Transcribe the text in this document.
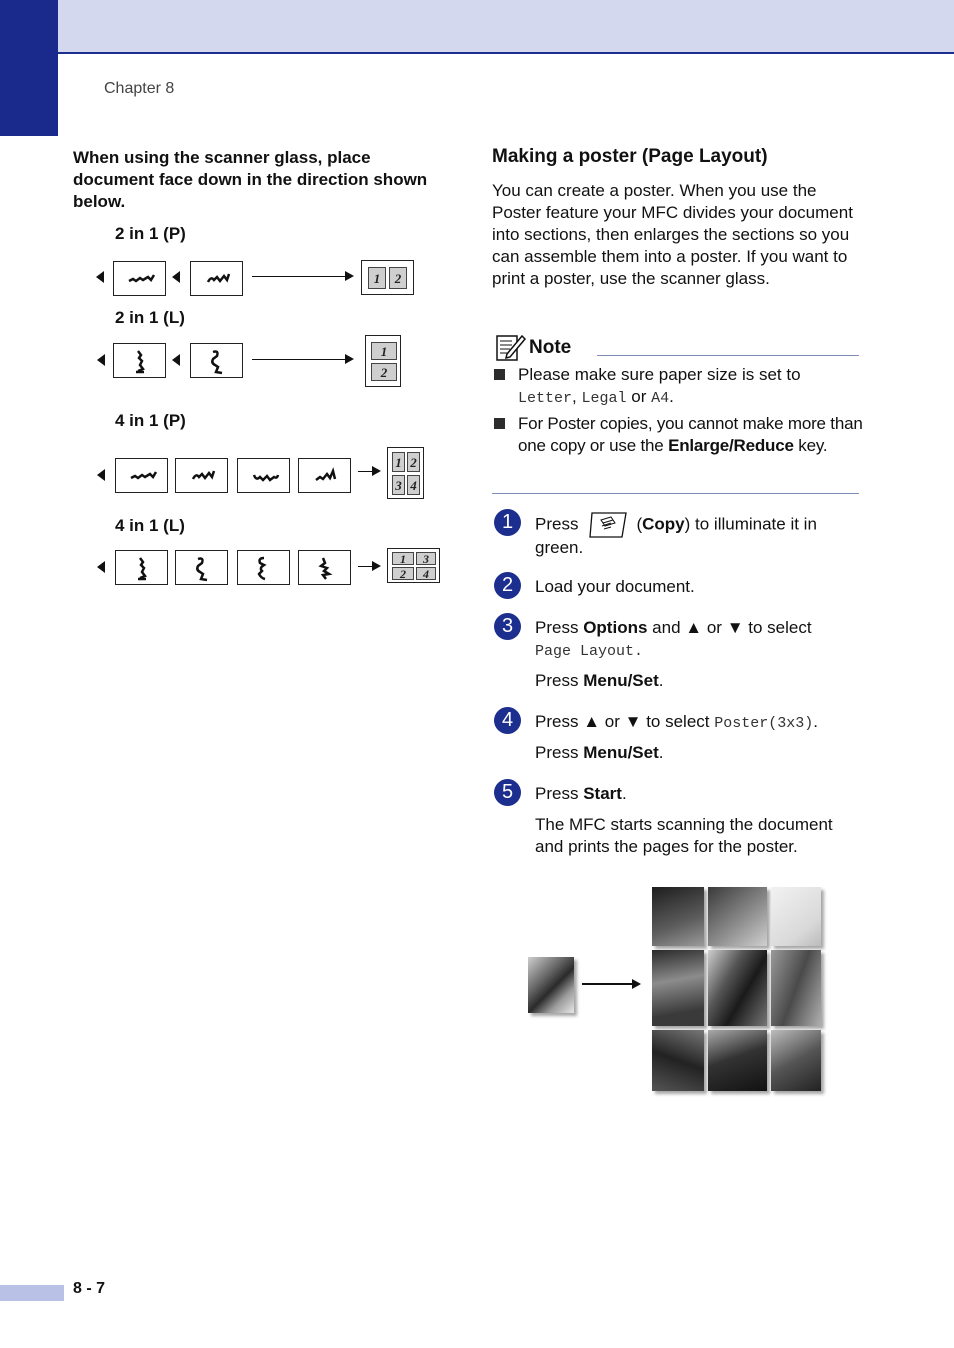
Chapter 8
When using the scanner glass, place document face down in the direction shown below.
2 in 1 (P)
1	2
2 in 1 (L)
1
2
4 in 1 (P)
1 2
3 4
4 in 1 (L)
1	3
2	4
Making a poster (Page Layout)
You can create a poster. When you use the Poster feature your MFC divides your document into sections, then enlarges the sections so you can assemble them into a poster. If you want to print a poster, use the scanner glass.
Note
Please make sure paper size is set to
Letter, Legal or A4.
For Poster copies, you cannot make more than one copy or use the Enlarge/Reduce key.
1	Press	(Copy) to illuminate it in green.
2	Load your document.
3	Press Options and ▲ or ▼ to select
Page Layout.
Press Menu/Set.
4	Press ▲ or ▼ to select Poster(3x3).
Press Menu/Set.
5	Press Start.
The MFC starts scanning the document and prints the pages for the poster.
8 - 7
